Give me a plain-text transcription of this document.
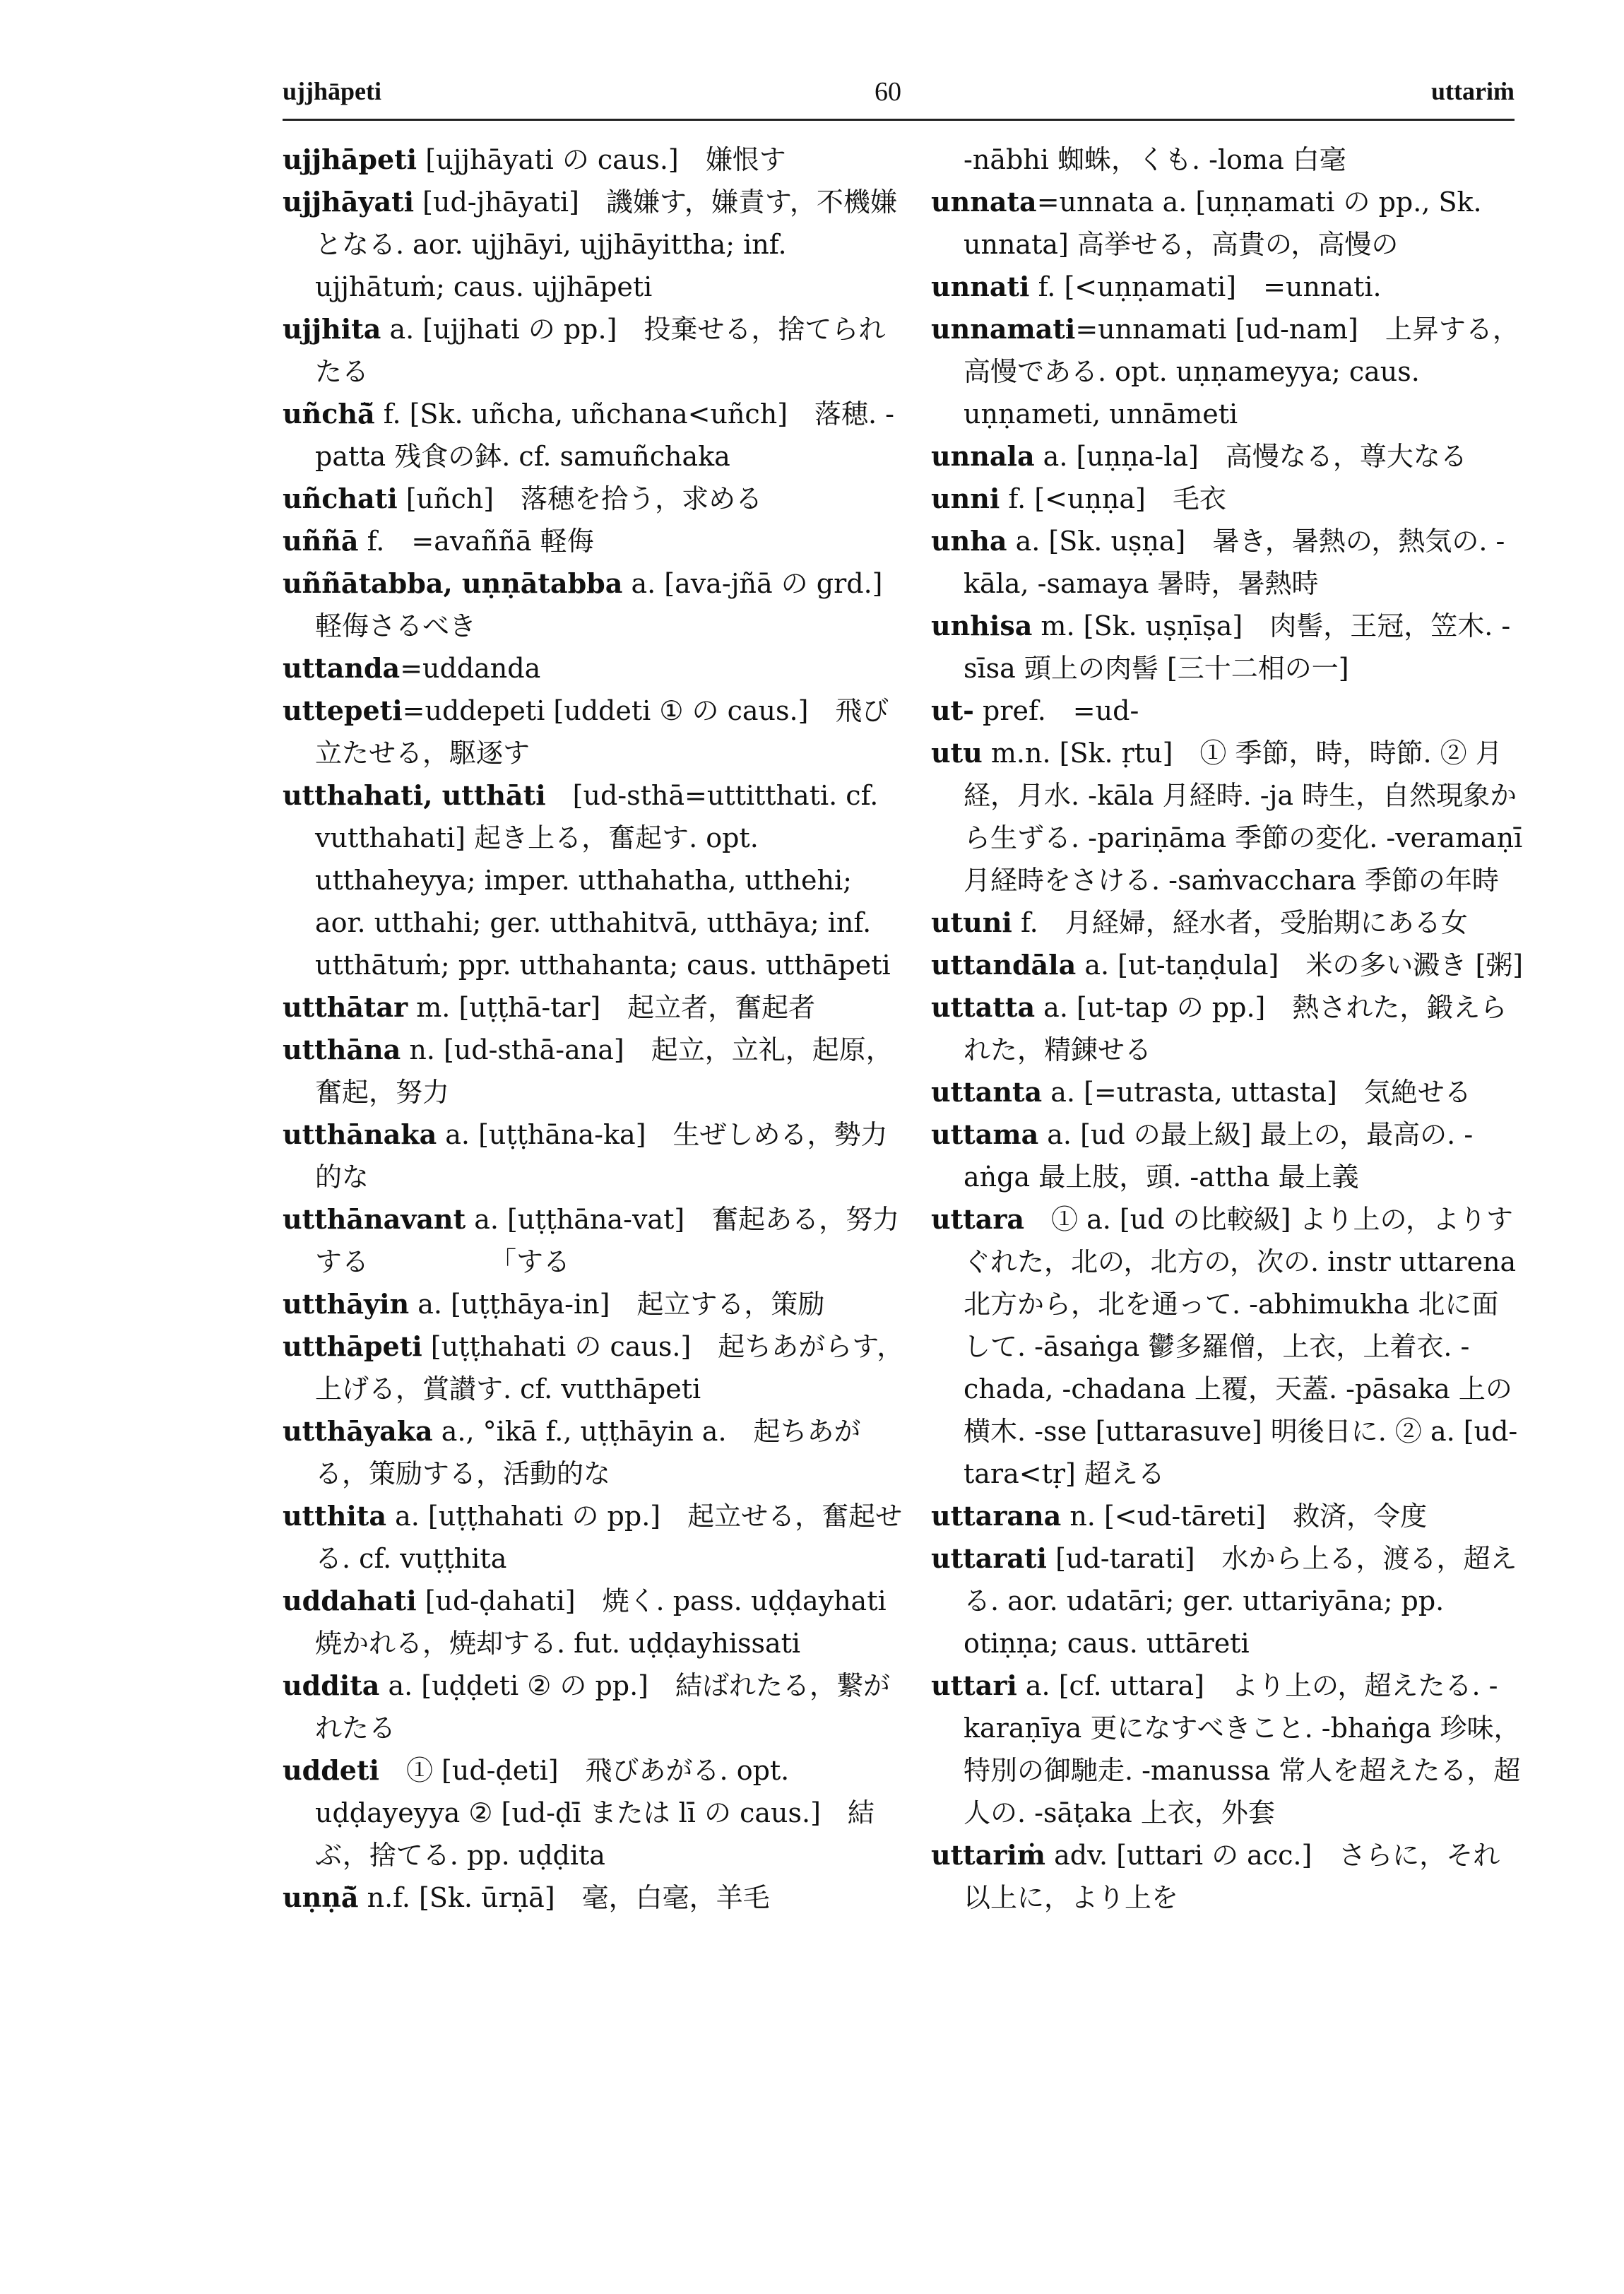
ujjhāpeti	60	uttariṁ

ujjhāpeti [ujjhāyati の caus.]　嫌恨す

ujjhāyati [ud-jhāyati]　譏嫌す，嫌責す，不機嫌となる. aor. ujjhāyi, ujjhāyittha; inf. ujjhātuṁ; caus. ujjhāpeti

ujjhita a. [ujjhati の pp.]　投棄せる，捨てられたる

uñchā̆ f. [Sk. uñcha, uñchana<uñch]　落穂. -patta 残食の鉢. cf. samuñchaka

uñchati [uñch]　落穂を拾う，求める

uññā f.　=avaññā 軽侮

uññātabba, uṇṇātabba a. [ava-jñā の grd.]　軽侮さるべき

uttanda=uddanda

uttepeti=uddepeti [uddeti ① の caus.]　飛び立たせる，駆逐す

utthahati, utthāti　[ud-sthā=uttitthati. cf. vutthahati] 起き上る，奮起す. opt. utthaheyya; imper. utthahatha, utthehi; aor. utthahi; ger. utthahitvā, utthāya; inf. utthātuṁ; ppr. utthahanta; caus. utthāpeti

utthātar m. [uṭṭhā-tar]　起立者，奮起者

utthāna n. [ud-sthā-ana]　起立，立礼，起原，奮起，努力

utthānaka a. [uṭṭhāna-ka]　生ぜしめる，勢力的な

utthānavant a. [uṭṭhāna-vat]　奮起ある，努力する　　　　　「する

utthāyin a. [uṭṭhāya-in]　起立する，策励

utthāpeti [uṭṭhahati の caus.]　起ちあがらす，上げる，賞讃す. cf. vutthāpeti

utthāyaka a., °ikā f., uṭṭhāyin a.　起ちあがる，策励する，活動的な

utthita a. [uṭṭhahati の pp.]　起立せる，奮起せる. cf. vuṭṭhita

uddahati [ud-ḍahati]　焼く. pass. uḍḍayhati 焼かれる，焼却する. fut. uḍḍayhissati

uddita a. [uḍḍeti ② の pp.]　結ばれたる，繋がれたる

uddeti　① [ud-ḍeti]　飛びあがる. opt. uḍḍayeyya ② [ud-ḍī または lī の caus.]　結ぶ，捨てる. pp. uḍḍita

uṇṇā̆ n.f. [Sk. ūrṇā]　毫，白毫，羊毛

-nābhi 蜘蛛，くも. -loma 白毫

unnata=unnata a. [uṇṇamati の pp., Sk. unnata] 高挙せる，高貴の，高慢の

unnati f. [<uṇṇamati]　=unnati.

unnamati=unnamati [ud-nam]　上昇する，高慢である. opt. uṇṇameyya; caus. uṇṇameti, unnāmeti

unnala a. [uṇṇa-la]　高慢なる，尊大なる

unni f. [<uṇṇa]　毛衣

unha a. [Sk. uṣṇa]　暑き，暑熱の，熱気の. -kāla, -samaya 暑時，暑熱時

unhisa m. [Sk. uṣṇīṣa]　肉髻，王冠，笠木. -sīsa 頭上の肉髻 [三十二相の一]

ut- pref.　=ud-

utu m.n. [Sk. ṛtu]　① 季節，時，時節. ② 月経，月水. -kāla 月経時. -ja 時生，自然現象から生ずる. -pariṇāma 季節の変化. -veramaṇī 月経時をさける. -saṁvacchara 季節の年時

utuni f.　月経婦，経水者，受胎期にある女

uttandāla a. [ut-taṇḍula]　米の多い澱き [粥]

uttatta a. [ut-tap の pp.]　熱された，鍛えられた，精錬せる

uttanta a. [=utrasta, uttasta]　気絶せる

uttama a. [ud の最上級] 最上の，最高の. -aṅga 最上肢，頭. -attha 最上義

uttara　① a. [ud の比較級] より上の，よりすぐれた，北の，北方の，次の. instr uttarena 北方から，北を通って. -abhimukha 北に面して. -āsaṅga 鬱多羅僧，上衣，上着衣. -chada, -chadana 上覆，天蓋. -pāsaka 上の横木. -sse [uttarasuve] 明後日に. ② a. [ud-tara<tṛ] 超える

uttarana n. [<ud-tāreti]　救済，令度

uttarati [ud-tarati]　水から上る，渡る，超える. aor. udatāri; ger. uttariyāna; pp. otiṇṇa; caus. uttāreti

uttari a. [cf. uttara]　より上の，超えたる. -karaṇīya 更になすべきこと. -bhaṅga 珍味，特別の御馳走. -manussa 常人を超えたる，超人の. -sāṭaka 上衣，外套

uttariṁ adv. [uttari の acc.]　さらに，それ以上に，より上を
